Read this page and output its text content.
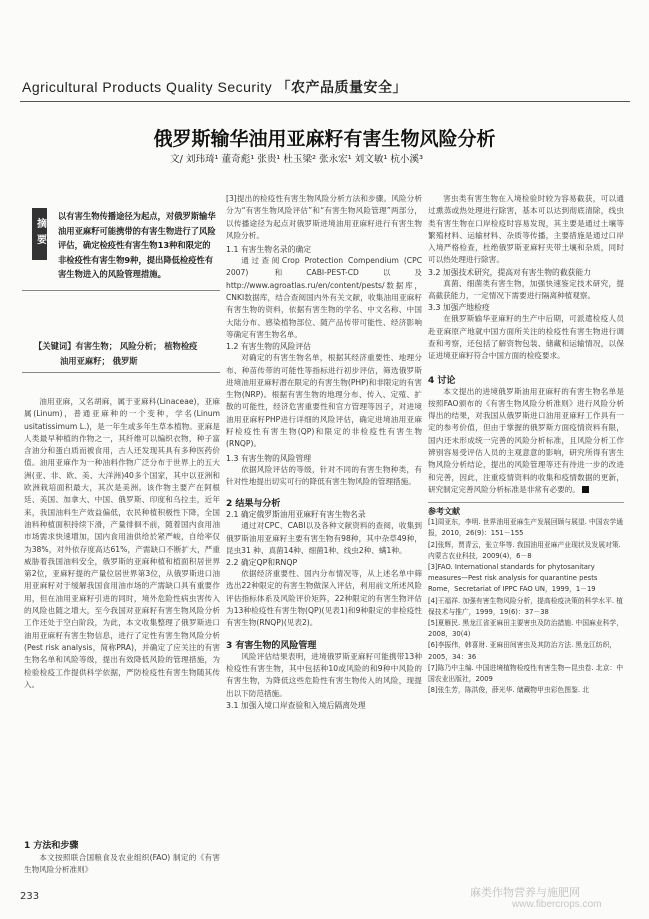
Agricultural Products Quality Security 「农产品质量安全」
俄罗斯输华油用亚麻籽有害生物风险分析
文/ 刘玮琦¹ 董奇彪¹ 张贵¹ 杜玉梁² 张永宏¹ 刘文敏¹ 杭小溪³
摘要
以有害生物传播途径为起点，对俄罗斯输华油用亚麻籽可能携带的有害生物进行了风险评估，确定检疫性有害生物13种和限定的非检疫性有害生物9种，提出降低检疫性有害生物进入的风险管理措施。
【关键词】有害生物； 风险分析； 植物检疫
油用亚麻籽； 俄罗斯
油用亚麻，又名胡麻，属于亚麻科(Linaceae)，亚麻属(Linum)，普通亚麻种的一个变种，学名(Linum usitatissimum L.)，是一年生或多年生草本植物。亚麻是人类最早种植的作物之一，其纤维可以编织衣物，种子富含油分和蛋白质而被食用，古人还发现其具有多种医药价值。油用亚麻作为一种油料作物广泛分布于世界上的五大洲(亚、非、欧、美、大洋洲)40多个国家，其中以亚洲和欧洲栽培面积最大，其次是美洲。该作物主要产在阿根廷、美国、加拿大、中国、俄罗斯、印度和乌拉圭，近年来，我国油料生产效益偏低，农民种植积极性下降，全国油料种植面积持续下滑，产量徘徊不前，随着国内食用油市场需求快速增加，国内食用油供给於紧严峻，自给率仅为38%，对外依存度高达61%，产需缺口不断扩大，严重威胁着我国油料安全，俄罗斯的亚麻种植和植面积居世界第2位，亚麻籽提的产量位居世界第3位，从俄罗斯进口油用亚麻籽对于缓解我国食用油市场的产需缺口具有重要作用，但在油用亚麻籽引进的同时，境外危险性病虫害传入的风险也随之增大，至今我国对亚麻籽有害生物风险分析工作还处于空白阶段，为此，本文收集整理了俄罗斯进口油用亚麻籽有害生物信息，进行了定性有害生物风险分析 (Pest risk analysis，简称PRA)，并确定了应关注的有害生物名单和风险等级，提出有效降低风险的管理措施，为检验检疫工作提供科学依据，严防检疫性有害生物随其传入。
1 方法和步骤
本文按照联合国粮食及农业组织(FAO) 制定的《有害生物风险分析准则》
[3]提出的检疫性有害生物风险分析方法和步骤。风险分析分为“有害生物风险评估”和“有害生物风险管理”两部分，以传播途径为起点对俄罗斯进境油用亚麻籽进行有害生物风险分析。
1.1 有害生物名录的确定
通过查阅Crop Protection Compendium (CPC 2007) 和CABI-PEST-CD以及http://www.agroatlas.ru/en/content/pests/数据库，CNKI数据库，结合查阅国内外有关文献，收集油用亚麻籽有害生物的资料，依据有害生物的学名、中文名称、中国大陆分布、感染植物部位、随产品传带可能性、经济影响等确定有害生物名单。
1.2 有害生物的风险评估
对确定的有害生物名单，根据其经济重要性、地理分布、种苗传带的可能性等指标进行初步评估，筛选俄罗斯进境油用亚麻籽潜在限定的有害生物(PHP)和非限定的有害生物(NRP)。根据有害生物的地理分布、传入、定殖、扩散的可能性，经济危害重要性和官方管理等因子，对进境油用亚麻籽PHP进行详细的风险评估，确定进境油用亚麻籽检疫性有害生物(QP)和限定的非检疫性有害生物(RNQP)。
1.3 有害生物的风险管理
依据风险评估的等级，针对不同的有害生物种类，有针对性地提出切实可行的降低有害生物风险的管理措施。
2 结果与分析
2.1 确定俄罗斯油用亚麻籽有害生物名录
通过对CPC、CABI以及各种文献资料的查阅，收集到俄罗斯油用亚麻籽主要有害生物有98种，其中杂草49种，昆虫31 种、真菌14种、细菌1种、线虫2种、螨1种。
2.2 确定QP和RNQP
依据经济重要性、国内分布情况等，从上述名单中筛选出22种限定的有害生物做深入评估，利用前文所述风险评估指标体系及风险评价矩阵，22种限定的有害生物评估为13种检疫性有害生物(QP)(见表1)和9种限定的非检疫性有害生物(RNQP)(见表2)。
3 有害生物的风险管理
风险评估结果表明，进境俄罗斯亚麻籽可能携带13种检疫性有害生物，其中包括种10或风险的和9种中风险的有害生物，为降低这些危险性有害生物传入的风险，现提出以下防范措施。
3.1 加强入境口岸查验和入境后隔离处理
害虫类有害生物在入境检验时较为容易截获，可以通过熏蒸或热处理进行除害，基本可以达到彻底清除，线虫类有害生物在口岸检疫时容易发现，其主要是通过土壤等繁殖材料、运输材料、杂质等传播，主要措施是通过口岸入境严格检查，杜绝俄罗斯亚麻籽夹带土壤和杂质，同时可以热处理进行除害。
3.2 加强技术研究，提高对有害生物的截获能力
真菌、细菌类有害生物，加强快速鉴定技术研究，提高截获能力，一定情况下需要进行隔离种植观察。
3.3 加强产地检疫
在俄罗斯输华亚麻籽的生产中后期，可派遣检疫人员赴亚麻原产地就中国方面所关注的检疫性有害生物进行调查和考察，还包括了解资物包装、储藏和运输情况，以保证进境亚麻籽符合中国方面的检疫要求。
4 讨论
本文提出的进境俄罗斯油用亚麻籽的有害生物名单是按照FAO颁布的《有害生物风险分析准则》进行风险分析得出的结果，对我国从俄罗斯进口油用亚麻籽工作具有一定的参考价值，但由于掌握的俄罗斯方面疫情资料有限，国内还未形成统一完善的风险分析标准，且风险分析工作辨别容易受评估人员的主观意意的影响，研究所得有害生物风险分析结论，提出的风险管理等还有待进一步的改进和完善，因此，注重疫情资料的收集和疫情数据的更新，研究制定完善风险分析标准是非常有必要的。
参考文献
[1]周亚东，李明. 世界油用亚麻生产发展回顾与展望. 中国农学通报，2010，26(9)：151－155
[2]张辉，贾青云，张立华等. 我国油用亚麻产业现状及发展对策. 内蒙古农业科技，2009(4)，6－8
[3]FAO. International standards for phytosanitary measures—Pest risk analysis for quarantine pests Rome，Secretariat of IPPC FAO UN，1999，1－19
[4]王福祥. 加强有害生物风险分析，提高检疫决策的科学水平. 植保技术与推广，1999，19(6)：37－38
[5]夏雁民. 黑龙江省亚麻田主要害虫及防治措施. 中国麻业科学，2008，30(4)
[6]李振伟，韩喜财. 亚麻田间害虫及其防治方法. 黑龙江纺织，2005，34：36
[7]陈乃中主编. 中国进境植物检疫性有害生物—昆虫卷. 北京：中国农业出版社，2009
[8]张生芳，陈洪俊，薛光华. 储藏物甲虫彩色图鉴. 北
233	麻类作物营养与施肥网
www.fibercrops.com
